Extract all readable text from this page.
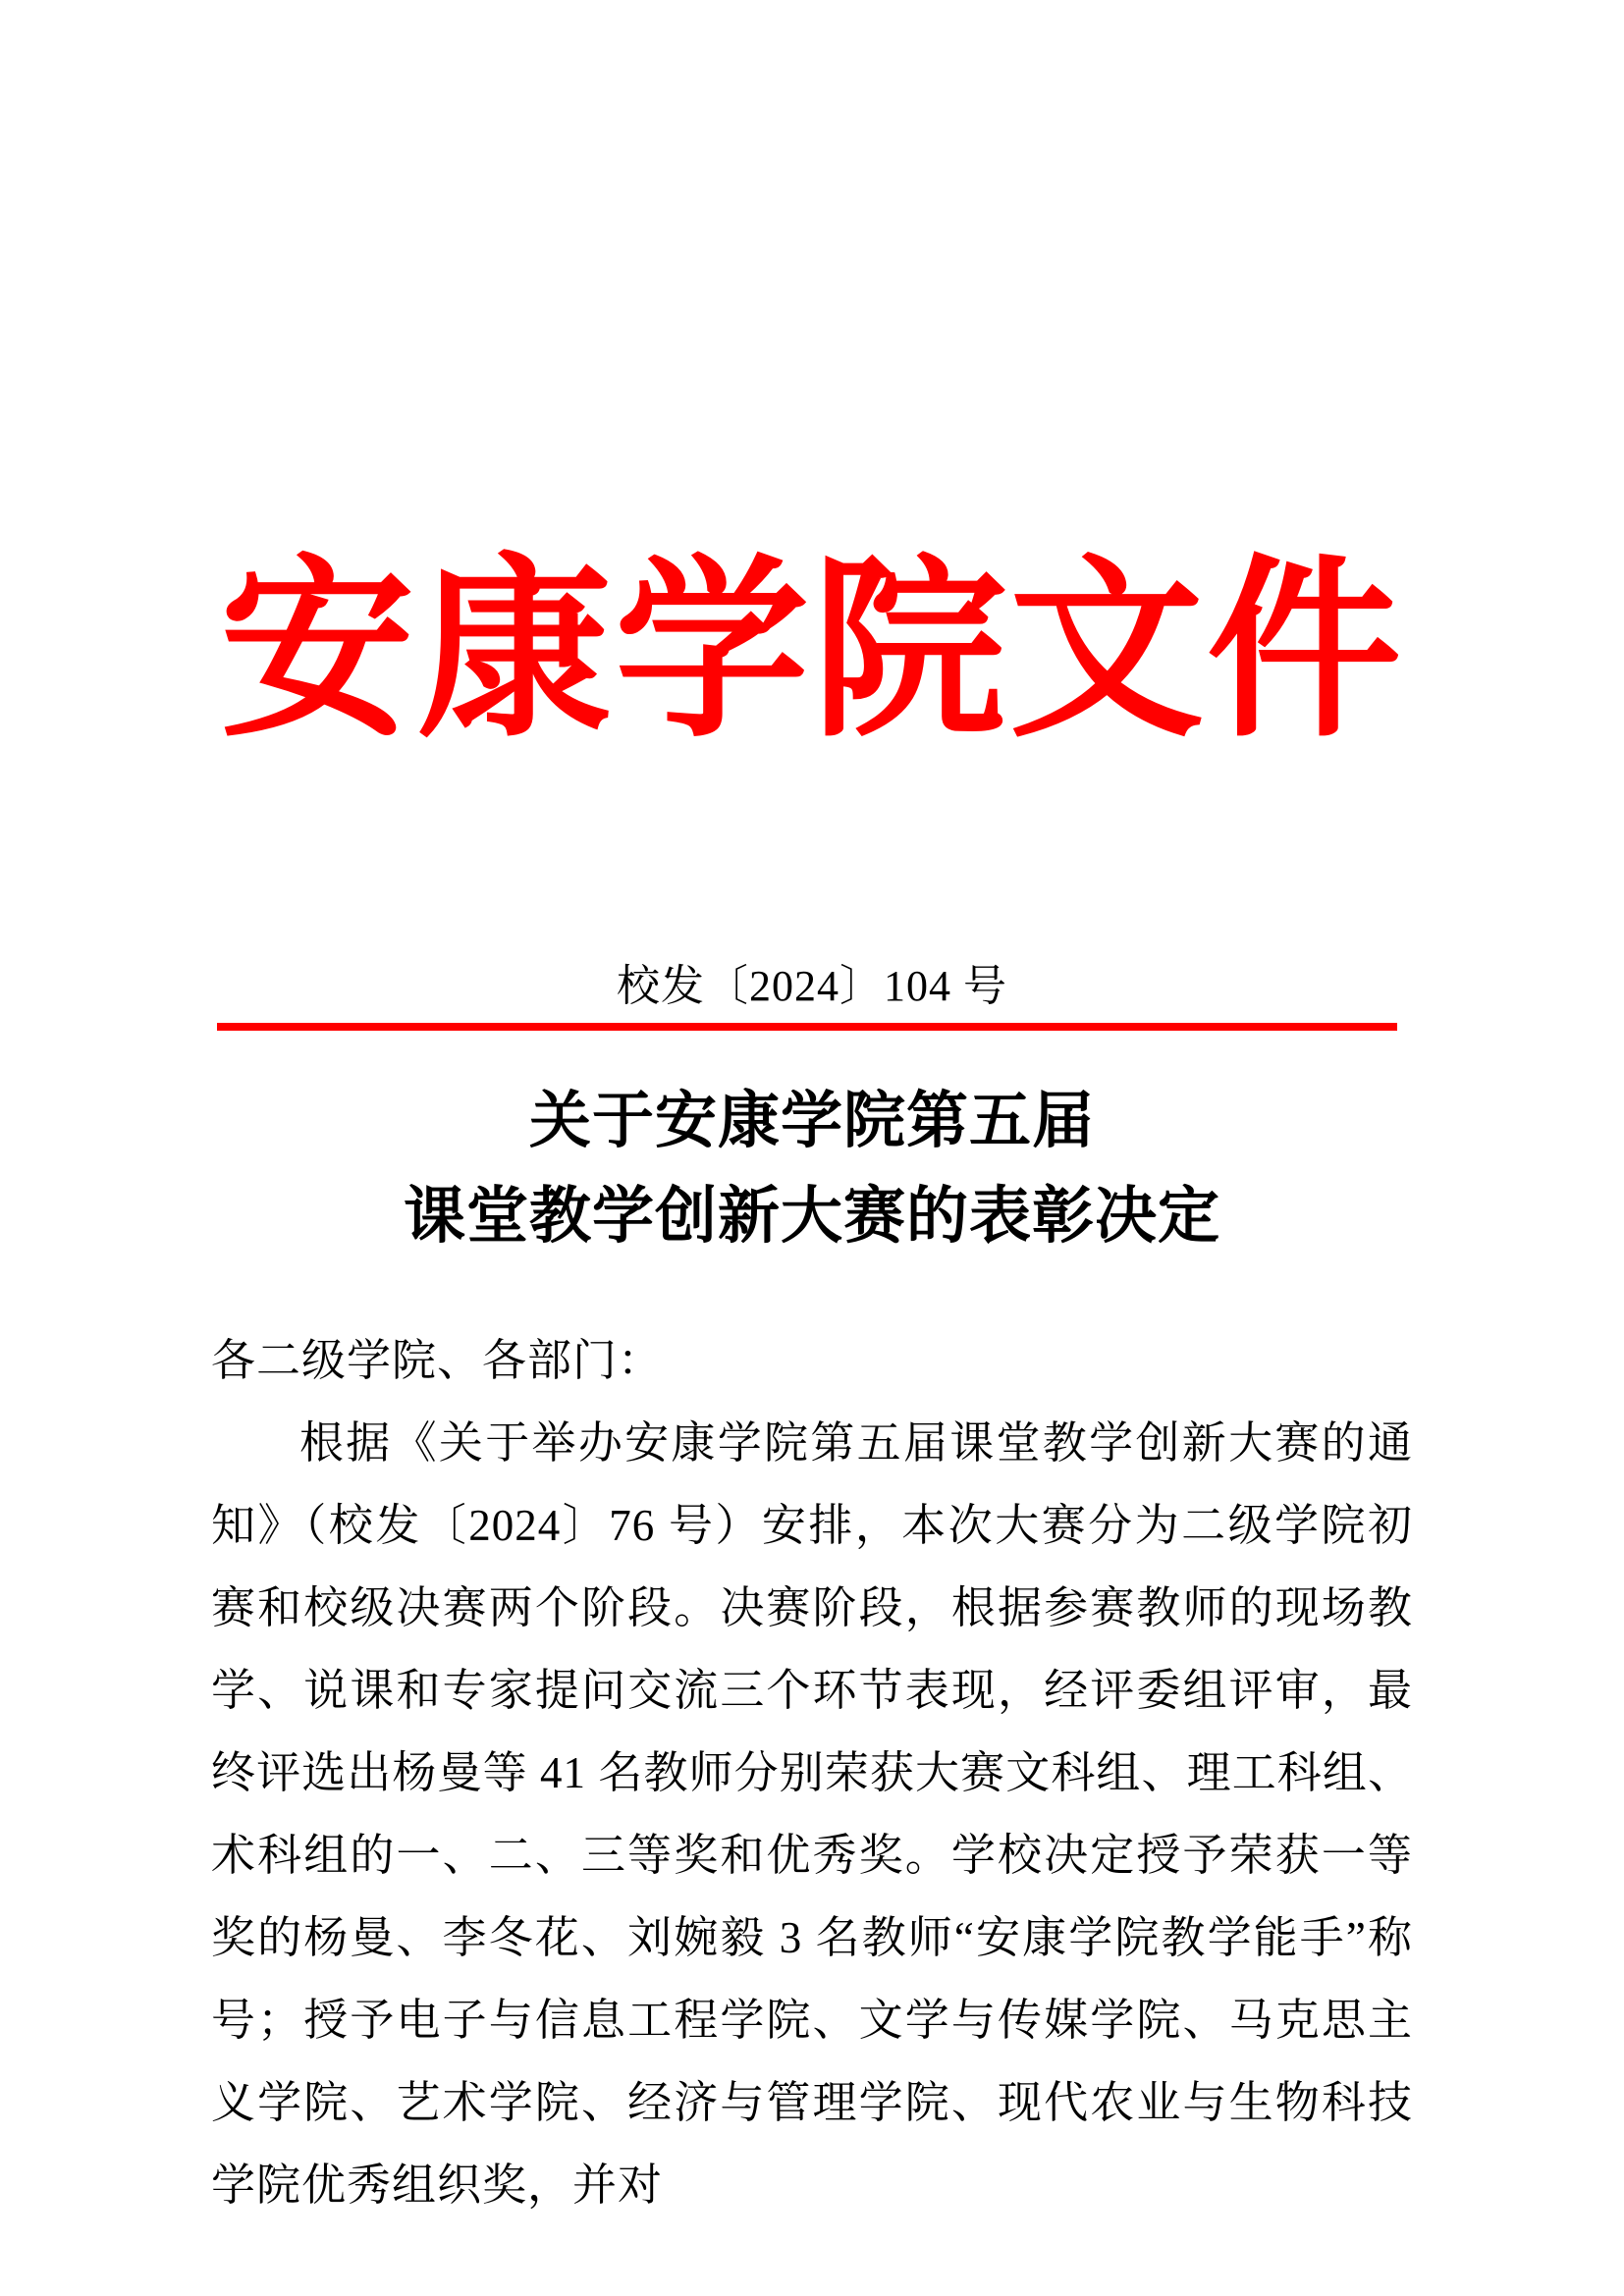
安康学院文件
校发〔2024〕104 号
关于安康学院第五届
课堂教学创新大赛的表彰决定

各二级学院、各部门：

根据《关于举办安康学院第五届课堂教学创新大赛的通知》（校发〔2024〕76 号）安排，本次大赛分为二级学院初赛和校级决赛两个阶段。决赛阶段，根据参赛教师的现场教学、说课和专家提问交流三个环节表现，经评委组评审，最终评选出杨曼等 41 名教师分别荣获大赛文科组、理工科组、术科组的一、二、三等奖和优秀奖。学校决定授予荣获一等奖的杨曼、李冬花、刘婉毅 3 名教师“安康学院教学能手”称号；授予电子与信息工程学院、文学与传媒学院、马克思主义学院、艺术学院、经济与管理学院、现代农业与生物科技学院优秀组织奖，并对
